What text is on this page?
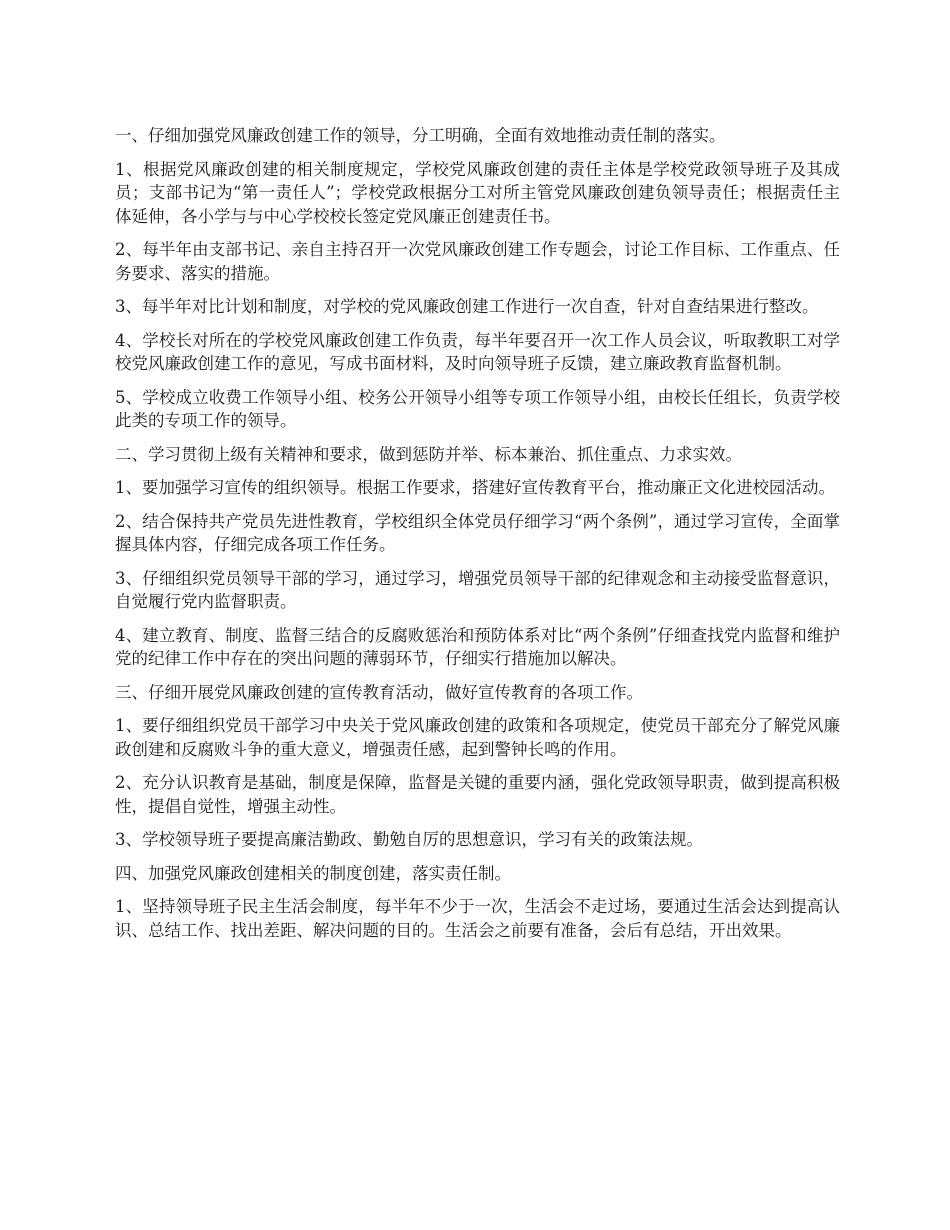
一、仔细加强党风廉政创建工作的领导，分工明确，全面有效地推动责任制的落实。

1、根据党风廉政创建的相关制度规定，学校党风廉政创建的责任主体是学校党政领导班子及其成员；支部书记为“第一责任人”；学校党政根据分工对所主管党风廉政创建负领导责任；根据责任主体延伸，各小学与与中心学校校长签定党风廉正创建责任书。

2、每半年由支部书记、亲自主持召开一次党风廉政创建工作专题会，讨论工作目标、工作重点、任务要求、落实的措施。

3、每半年对比计划和制度，对学校的党风廉政创建工作进行一次自查，针对自查结果进行整改。

4、学校长对所在的学校党风廉政创建工作负责，每半年要召开一次工作人员会议，听取教职工对学校党风廉政创建工作的意见，写成书面材料，及时向领导班子反馈，建立廉政教育监督机制。

5、学校成立收费工作领导小组、校务公开领导小组等专项工作领导小组，由校长任组长，负责学校此类的专项工作的领导。

二、学习贯彻上级有关精神和要求，做到惩防并举、标本兼治、抓住重点、力求实效。

1、要加强学习宣传的组织领导。根据工作要求，搭建好宣传教育平台，推动廉正文化进校园活动。

2、结合保持共产党员先进性教育，学校组织全体党员仔细学习“两个条例”，通过学习宣传，全面掌握具体内容，仔细完成各项工作任务。

3、仔细组织党员领导干部的学习，通过学习，增强党员领导干部的纪律观念和主动接受监督意识，自觉履行党内监督职责。

4、建立教育、制度、监督三结合的反腐败惩治和预防体系对比“两个条例”仔细查找党内监督和维护党的纪律工作中存在的突出问题的薄弱环节，仔细实行措施加以解决。

三、仔细开展党风廉政创建的宣传教育活动，做好宣传教育的各项工作。

1、要仔细组织党员干部学习中央关于党风廉政创建的政策和各项规定，使党员干部充分了解党风廉政创建和反腐败斗争的重大意义，增强责任感，起到警钟长鸣的作用。

2、充分认识教育是基础，制度是保障，监督是关键的重要内涵，强化党政领导职责，做到提高积极性，提倡自觉性，增强主动性。

3、学校领导班子要提高廉洁勤政、勤勉自厉的思想意识，学习有关的政策法规。

四、加强党风廉政创建相关的制度创建，落实责任制。

1、坚持领导班子民主生活会制度，每半年不少于一次，生活会不走过场，要通过生活会达到提高认识、总结工作、找出差距、解决问题的目的。生活会之前要有准备，会后有总结，开出效果。
